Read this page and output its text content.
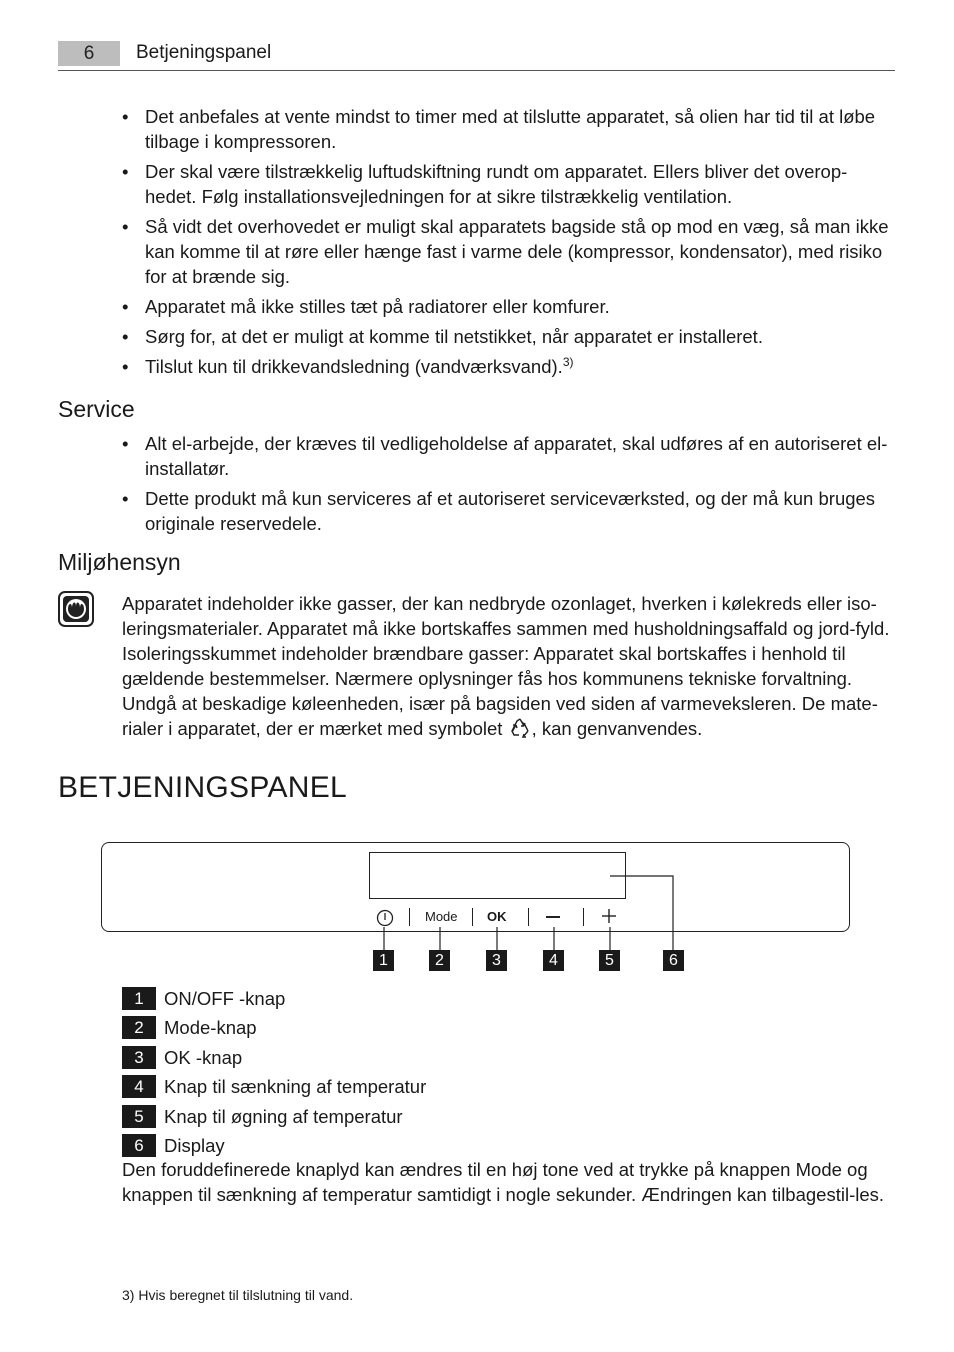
6	Betjeningspanel
• Det anbefales at vente mindst to timer med at tilslutte apparatet, så olien har tid til at løbe tilbage i kompressoren.
• Der skal være tilstrækkelig luftudskiftning rundt om apparatet. Ellers bliver det overop-hedet. Følg installationsvejledningen for at sikre tilstrækkelig ventilation.
• Så vidt det overhovedet er muligt skal apparatets bagside stå op mod en væg, så man ikke kan komme til at røre eller hænge fast i varme dele (kompressor, kondensator), med risiko for at brænde sig.
• Apparatet må ikke stilles tæt på radiatorer eller komfurer.
• Sørg for, at det er muligt at komme til netstikket, når apparatet er installeret.
• Tilslut kun til drikkevandsledning (vandværksvand).$^{3)}$
Service
• Alt el-arbejde, der kræves til vedligeholdelse af apparatet, skal udføres af en autoriseret el-installatør.
• Dette produkt må kun serviceres af et autoriseret serviceværksted, og der må kun bruges originale reservedele.
Miljøhensyn
Apparatet indeholder ikke gasser, der kan nedbryde ozonlaget, hverken i kølekreds eller iso-leringsmaterialer. Apparatet må ikke bortskaffes sammen med husholdningsaffald og jord-fyld. Isoleringsskummet indeholder brændbare gasser: Apparatet skal bortskaffes i henhold til gældende bestemmelser. Nærmere oplysninger fås hos kommunens tekniske forvaltning. Undgå at beskadige køleenheden, især på bagsiden ved siden af varmeveksleren. De mate-rialer i apparatet, der er mærket med symbolet , kan genvanvendes.
BETJENINGSPANEL
Mode OK
1	2	3	4	5	6
1	ON/OFF -knap
2	Mode-knap
3	OK -knap
4	Knap til sænkning af temperatur
5	Knap til øgning af temperatur
6	Display
Den foruddefinerede knaplyd kan ændres til en høj tone ved at trykke på knappen Mode og knappen til sænkning af temperatur samtidigt i nogle sekunder. Ændringen kan tilbagestil-les.
3) Hvis beregnet til tilslutning til vand.
